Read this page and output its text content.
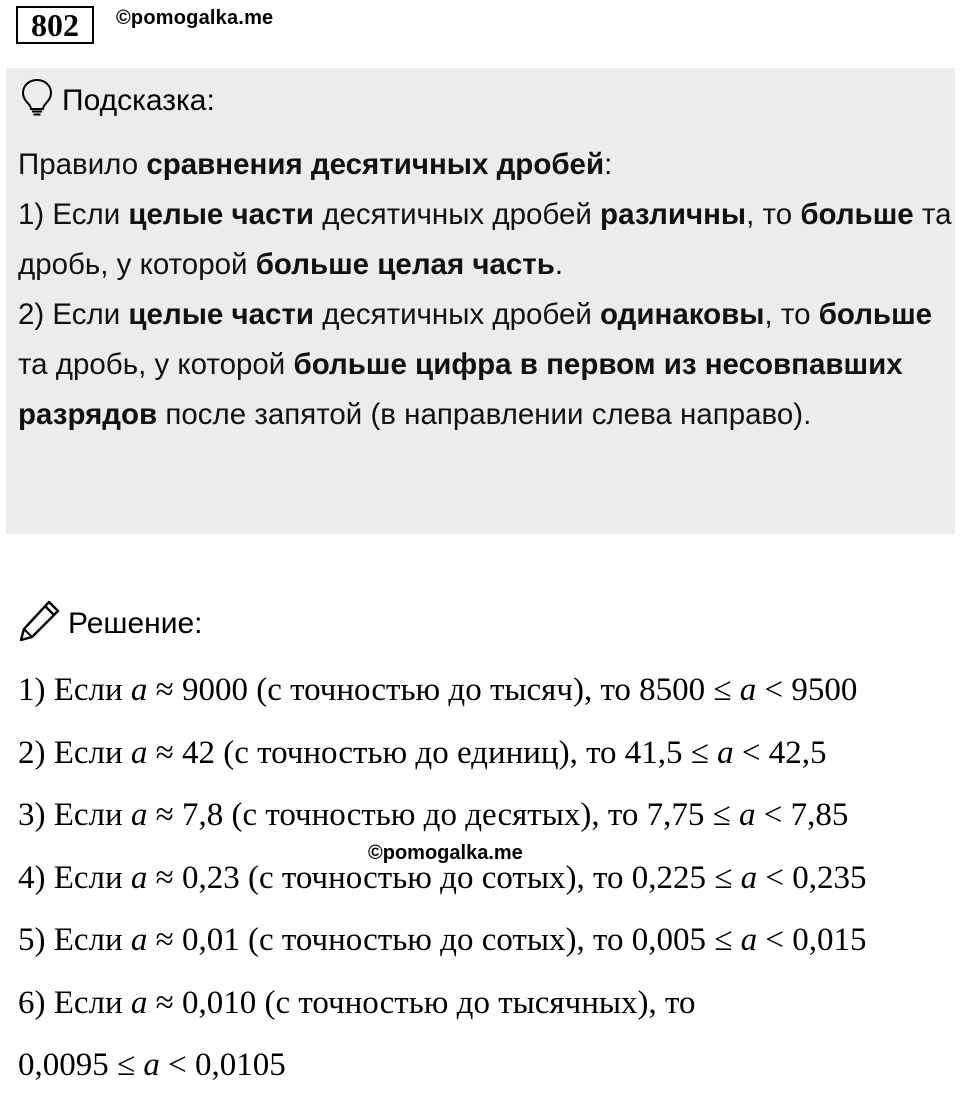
802	©pomogalka.me
Подсказка:

Правило сравнения десятичных дробей:

1) Если целые части десятичных дробей различны, то больше та дробь, у которой больше целая часть.

2) Если целые части десятичных дробей одинаковы, то больше та дробь, у которой больше цифра в первом из несовпавших разрядов после запятой (в направлении слева направо).

Решение:
1) Если a ≈ 9000 (с точностью до тысяч), то 8500 ≤ a < 9500
2) Если a ≈ 42 (с точностью до единиц), то 41,5 ≤ a < 42,5
3) Если a ≈ 7,8 (с точностью до десятых), то 7,75 ≤ a < 7,85
4) Если a ≈ 0,23 (с точностью до сотых), то 0,225 ≤ a < 0,235
5) Если a ≈ 0,01 (с точностью до сотых), то 0,005 ≤ a < 0,015
6) Если a ≈ 0,010 (с точностью до тысячных), то
0,0095 ≤ a < 0,0105
©pomogalka.me
